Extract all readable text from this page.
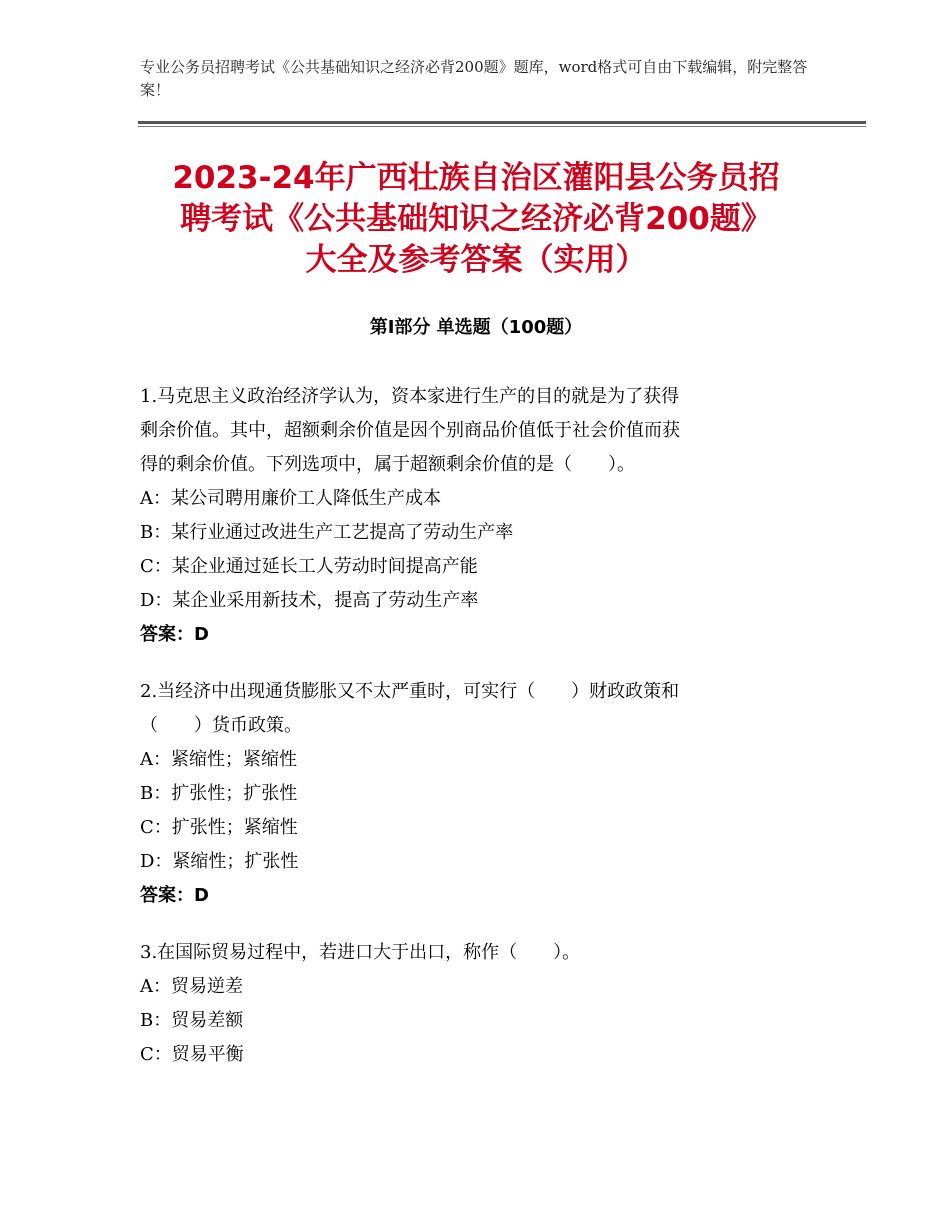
专业公务员招聘考试《公共基础知识之经济必背200题》题库，word格式可自由下载编辑，附完整答案！
2023-24年广西壮族自治区灌阳县公务员招
聘考试《公共基础知识之经济必背200题》
大全及参考答案（实用）
第Ⅰ部分 单选题（100题）
1.马克思主义政治经济学认为，资本家进行生产的目的就是为了获得
剩余价值。其中，超额剩余价值是因个别商品价值低于社会价值而获
得的剩余价值。下列选项中，属于超额剩余价值的是（　　）。
A：某公司聘用廉价工人降低生产成本
B：某行业通过改进生产工艺提高了劳动生产率
C：某企业通过延长工人劳动时间提高产能
D：某企业采用新技术，提高了劳动生产率
答案：D
2.当经济中出现通货膨胀又不太严重时，可实行（　　）财政政策和
（　　）货币政策。
A：紧缩性；紧缩性
B：扩张性；扩张性
C：扩张性；紧缩性
D：紧缩性；扩张性
答案：D
3.在国际贸易过程中，若进口大于出口，称作（　　）。
A：贸易逆差
B：贸易差额
C：贸易平衡
